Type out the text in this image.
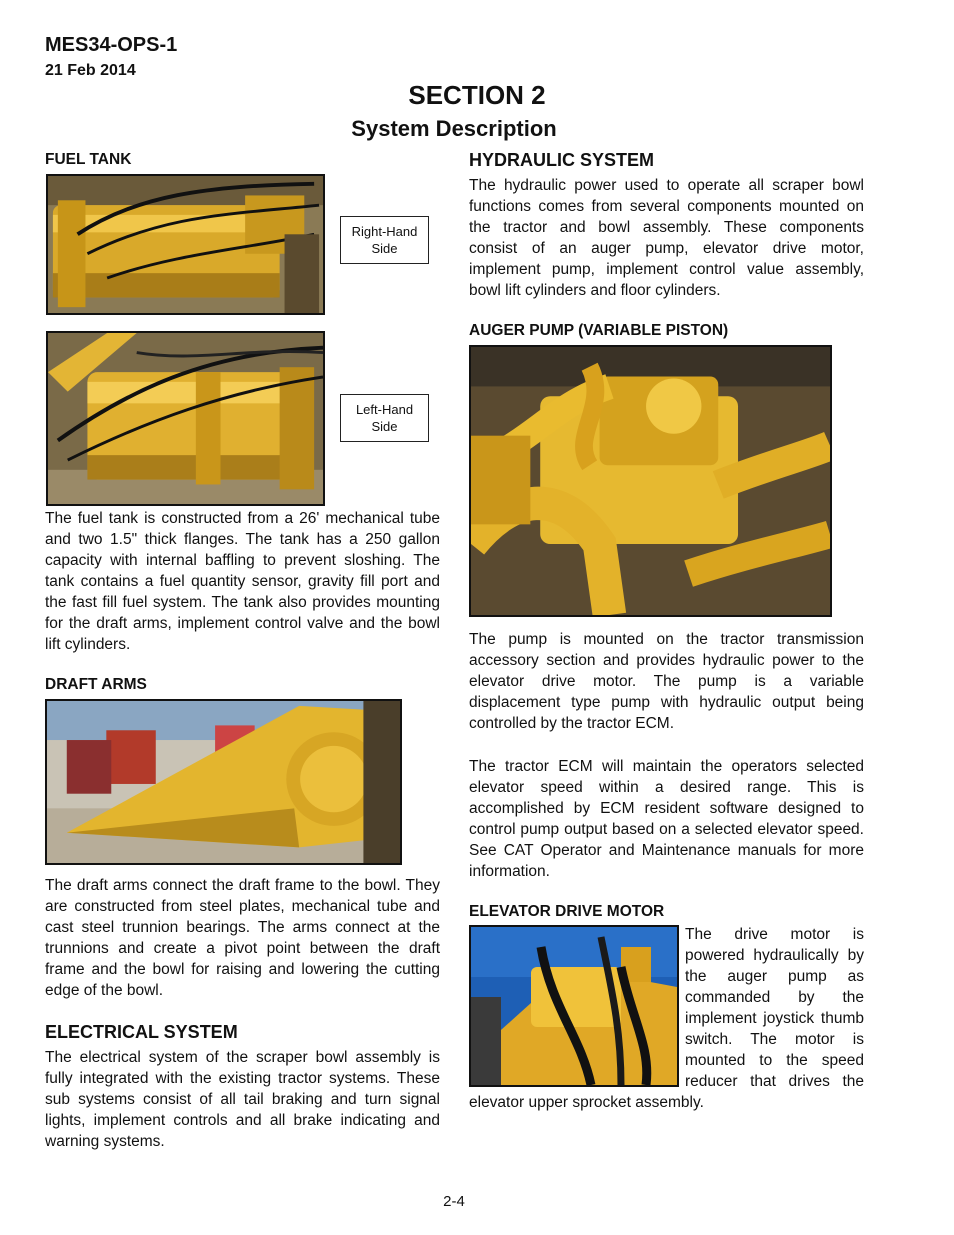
MES34-OPS-1
21 Feb 2014
SECTION 2
System Description
FUEL TANK
Right-Hand
Side
Left-Hand
Side
The fuel tank is constructed from a 26' mechanical tube and two 1.5" thick flanges. The tank has a 250 gallon capacity with internal baffling to prevent sloshing. The tank contains a fuel quantity sensor, gravity fill port and the fast fill fuel system. The tank also provides mounting for the draft arms, implement control valve and the bowl lift cylinders.
DRAFT ARMS
The draft arms connect the draft frame to the bowl. They are constructed from steel plates, mechanical tube and cast steel trunnion bearings. The arms connect at the trunnions and create a pivot point between the draft frame and the bowl for raising and lowering the cutting edge of the bowl.
ELECTRICAL SYSTEM
The electrical system of the scraper bowl assembly is fully integrated with the existing tractor systems. These sub systems consist of all tail braking and turn signal lights, implement controls and all brake indicating and warning systems.
HYDRAULIC SYSTEM
The hydraulic power used to operate all scraper bowl functions comes from several components mounted on the tractor and bowl assembly. These components consist of an auger pump, elevator drive motor, implement pump, implement control value assembly, bowl lift cylinders and floor cylinders.
AUGER PUMP (VARIABLE PISTON)
The pump is mounted on the tractor transmission accessory section and provides hydraulic power to the elevator drive motor. The pump is a variable displacement type pump with hydraulic output being controlled by the tractor ECM.
The tractor ECM will maintain the operators selected elevator speed within a desired range. This is accomplished by ECM resident software designed to control pump output based on a selected elevator speed. See CAT Operator and Maintenance manuals for more information.
ELEVATOR DRIVE MOTOR
The drive motor is powered hydraulically by the auger pump as commanded by the implement joystick thumb switch. The motor is mounted to the speed reducer that drives the elevator upper sprocket assembly.
2-4
